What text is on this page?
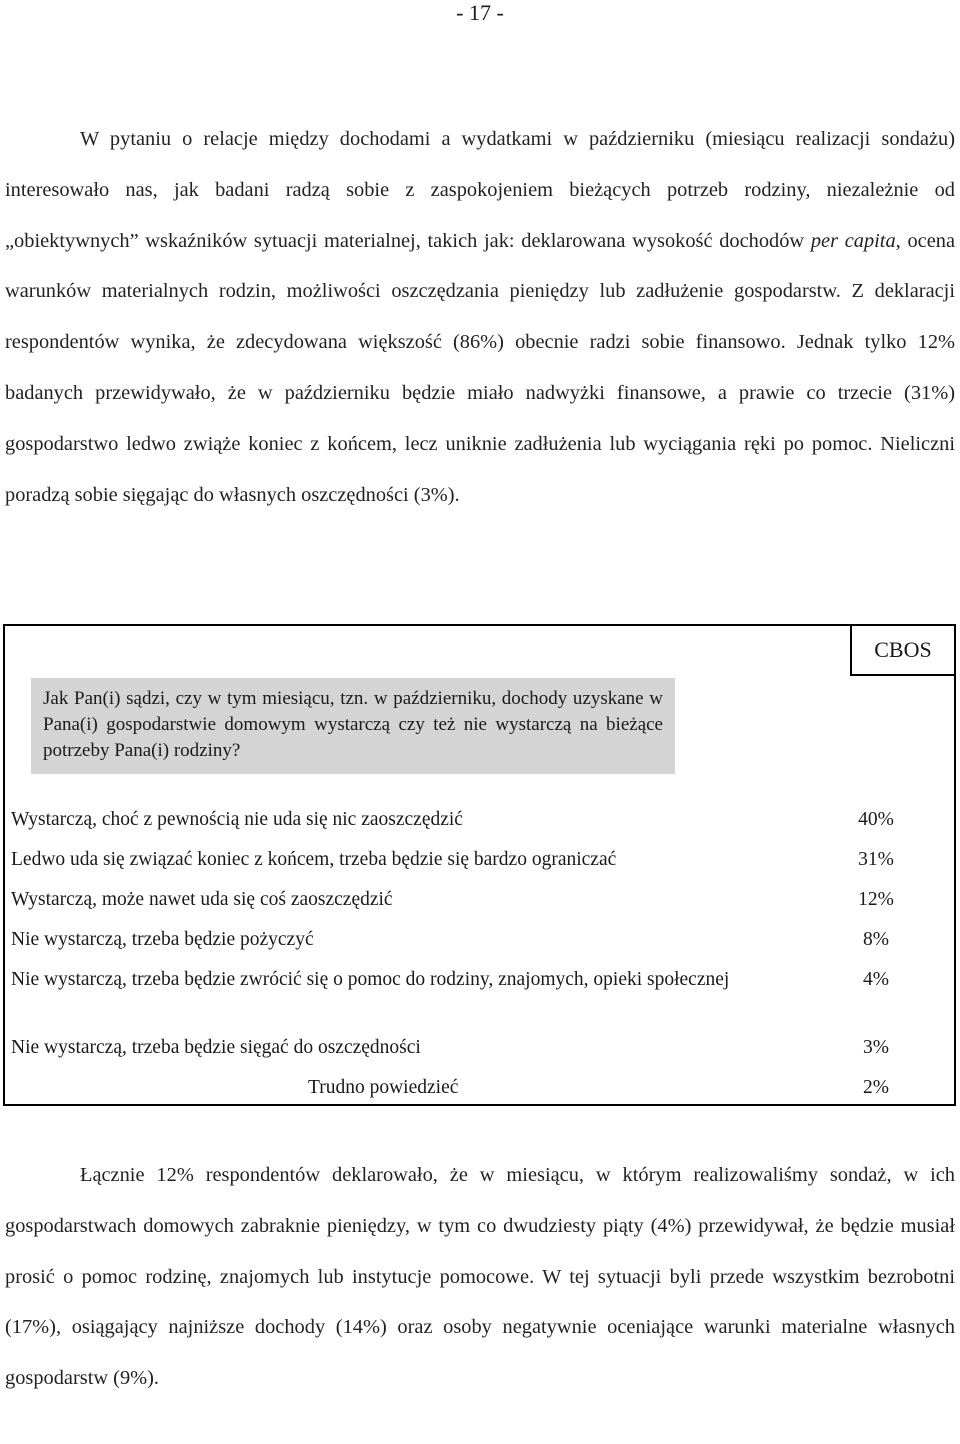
- 17 -

W pytaniu o relacje między dochodami a wydatkami w październiku (miesiącu realizacji sondażu) interesowało nas, jak badani radzą sobie z zaspokojeniem bieżących potrzeb rodziny, niezależnie od „obiektywnych” wskaźników sytuacji materialnej, takich jak: deklarowana wysokość dochodów per capita, ocena warunków materialnych rodzin, możliwości oszczędzania pieniędzy lub zadłużenie gospodarstw. Z deklaracji respondentów wynika, że zdecydowana większość (86%) obecnie radzi sobie finansowo. Jednak tylko 12% badanych przewidywało, że w październiku będzie miało nadwyżki finansowe, a prawie co trzecie (31%) gospodarstwo ledwo zwiąże koniec z końcem, lecz uniknie zadłużenia lub wyciągania ręki po pomoc. Nieliczni poradzą sobie sięgając do własnych oszczędności (3%).

CBOS
Jak Pan(i) sądzi, czy w tym miesiącu, tzn. w październiku, dochody uzyskane w Pana(i) gospodarstwie domowym wystarczą czy też nie wystarczą na bieżące potrzeby Pana(i) rodziny?
Wystarczą, choć z pewnością nie uda się nic zaoszczędzić	40%
Ledwo uda się związać koniec z końcem, trzeba będzie się bardzo ograniczać	31%
Wystarczą, może nawet uda się coś zaoszczędzić	12%
Nie wystarczą, trzeba będzie pożyczyć	8%
Nie wystarczą, trzeba będzie zwrócić się o pomoc do rodziny, znajomych, opieki społecznej	4%
Nie wystarczą, trzeba będzie sięgać do oszczędności	3%
Trudno powiedzieć	2%

Łącznie 12% respondentów deklarowało, że w miesiącu, w którym realizowaliśmy sondaż, w ich gospodarstwach domowych zabraknie pieniędzy, w tym co dwudziesty piąty (4%) przewidywał, że będzie musiał prosić o pomoc rodzinę, znajomych lub instytucje pomocowe. W tej sytuacji byli przede wszystkim bezrobotni (17%), osiągający najniższe dochody (14%) oraz osoby negatywnie oceniające warunki materialne własnych gospodarstw (9%).
